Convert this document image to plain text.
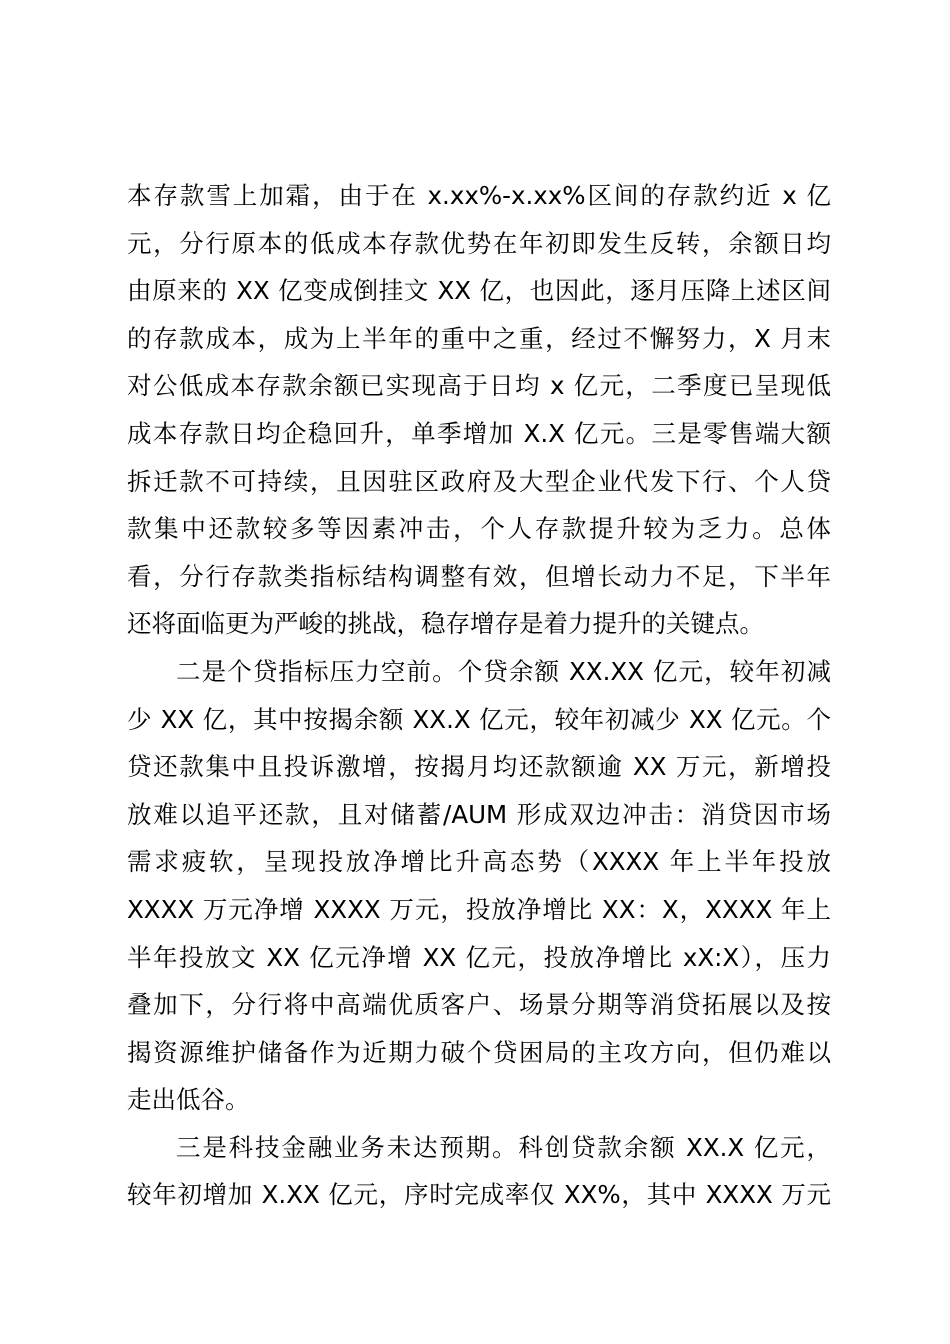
本存款雪上加霜，由于在 x.xx%-x.xx%区间的存款约近 x 亿
元，分行原本的低成本存款优势在年初即发生反转，余额日均
由原来的 XX 亿变成倒挂文 XX 亿，也因此，逐月压降上述区间
的存款成本，成为上半年的重中之重，经过不懈努力，X 月末
对公低成本存款余额已实现高于日均 x 亿元，二季度已呈现低
成本存款日均企稳回升，单季增加 X.X 亿元。三是零售端大额
拆迁款不可持续，且因驻区政府及大型企业代发下行、个人贷
款集中还款较多等因素冲击，个人存款提升较为乏力。总体
看，分行存款类指标结构调整有效，但增长动力不足，下半年
还将面临更为严峻的挑战，稳存增存是着力提升的关键点。
二是个贷指标压力空前。个贷余额 XX.XX 亿元，较年初减
少 XX 亿，其中按揭余额 XX.X 亿元，较年初减少 XX 亿元。个
贷还款集中且投诉激增，按揭月均还款额逾 XX 万元，新增投
放难以追平还款，且对储蓄/AUM 形成双边冲击：消贷因市场
需求疲软，呈现投放净增比升高态势（XXXX 年上半年投放
XXXX 万元净增 XXXX 万元，投放净增比 XX：X，XXXX 年上
半年投放文 XX 亿元净增 XX 亿元，投放净增比 xX:X），压力
叠加下，分行将中高端优质客户、场景分期等消贷拓展以及按
揭资源维护储备作为近期力破个贷困局的主攻方向，但仍难以
走出低谷。
三是科技金融业务未达预期。科创贷款余额 XX.X 亿元，
较年初增加 X.XX 亿元，序时完成率仅 XX%，其中 XXXX 万元
